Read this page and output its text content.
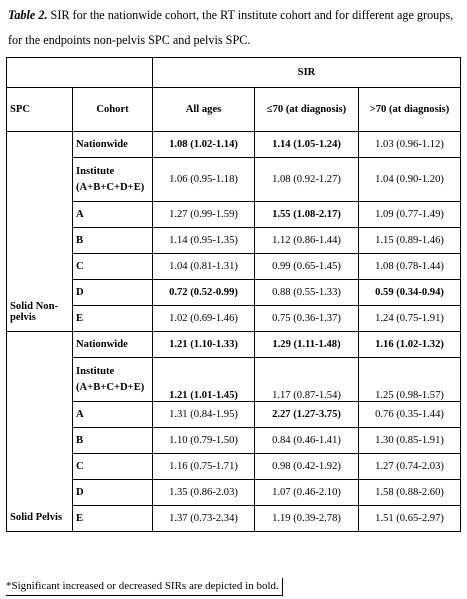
Table 2. SIR for the nationwide cohort, the RT institute cohort and for different age groups, for the endpoints non-pelvis SPC and pelvis SPC.
		SIR		
SPC	Cohort	All ages	≤70 (at diagnosis)	>70 (at diagnosis)
Solid Non-pelvis	Nationwide	1.08 (1.02-1.14)	1.14 (1.05-1.24)	1.03 (0.96-1.12)
	Institute (A+B+C+D+E)	1.06 (0.95-1.18)	1.08 (0.92-1.27)	1.04 (0.90-1.20)
	A	1.27 (0.99-1.59)	1.55 (1.08-2.17)	1.09 (0.77-1.49)
	B	1.14 (0.95-1.35)	1.12 (0.86-1.44)	1.15 (0.89-1.46)
	C	1.04 (0.81-1.31)	0.99 (0.65-1.45)	1.08 (0.78-1.44)
	D	0.72 (0.52-0.99)	0.88 (0.55-1.33)	0.59 (0.34-0.94)
	E	1.02 (0.69-1.46)	0.75 (0.36-1.37)	1.24 (0.75-1.91)
Solid Pelvis	Nationwide	1.21 (1.10-1.33)	1.29 (1.11-1.48)	1.16 (1.02-1.32)
	Institute (A+B+C+D+E)	1.21 (1.01-1.45)	1.17 (0.87-1.54)	1.25 (0.98-1.57)
	A	1.31 (0.84-1.95)	2.27 (1.27-3.75)	0.76 (0.35-1.44)
	B	1.10 (0.79-1.50)	0.84 (0.46-1.41)	1.30 (0.85-1.91)
	C	1.16 (0.75-1.71)	0.98 (0.42-1.92)	1.27 (0.74-2.03)
	D	1.35 (0.86-2.03)	1.07 (0.46-2.10)	1.58 (0.88-2.60)
	E	1.37 (0.73-2.34)	1.19 (0.39-2.78)	1.51 (0.65-2.97)
*Significant increased or decreased SIRs are depicted in bold.
